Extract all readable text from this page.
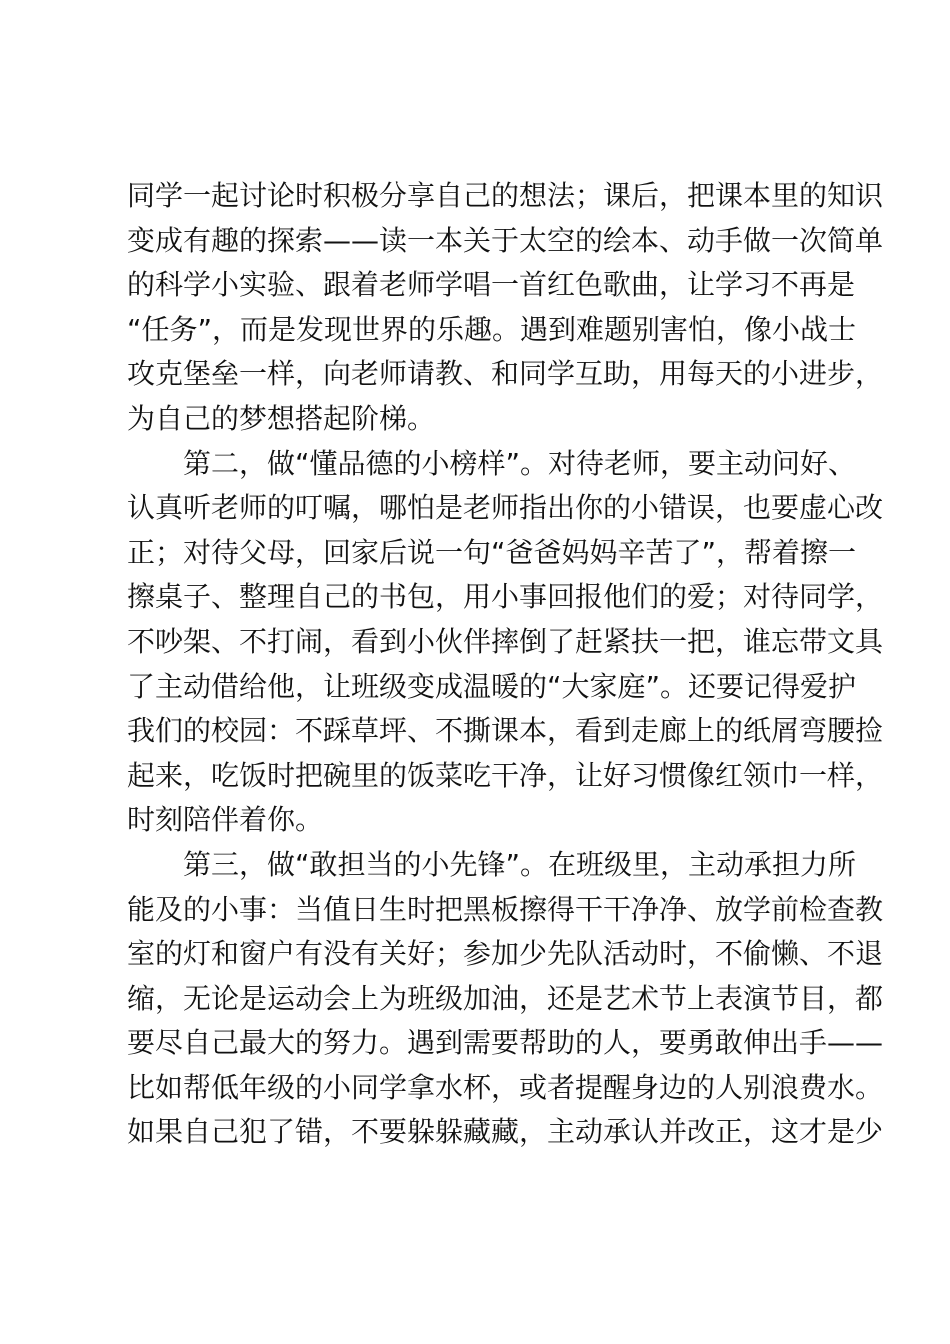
同学一起讨论时积极分享自己的想法；课后，把课本里的知识
变成有趣的探索——读一本关于太空的绘本、动手做一次简单
的科学小实验、跟着老师学唱一首红色歌曲，让学习不再是
“任务”，而是发现世界的乐趣。遇到难题别害怕，像小战士
攻克堡垒一样，向老师请教、和同学互助，用每天的小进步，
为自己的梦想搭起阶梯。
第二，做“懂品德的小榜样”。对待老师，要主动问好、
认真听老师的叮嘱，哪怕是老师指出你的小错误，也要虚心改
正；对待父母，回家后说一句“爸爸妈妈辛苦了”，帮着擦一
擦桌子、整理自己的书包，用小事回报他们的爱；对待同学，
不吵架、不打闹，看到小伙伴摔倒了赶紧扶一把，谁忘带文具
了主动借给他，让班级变成温暖的“大家庭”。还要记得爱护
我们的校园：不踩草坪、不撕课本，看到走廊上的纸屑弯腰捡
起来，吃饭时把碗里的饭菜吃干净，让好习惯像红领巾一样，
时刻陪伴着你。
第三，做“敢担当的小先锋”。在班级里，主动承担力所
能及的小事：当值日生时把黑板擦得干干净净、放学前检查教
室的灯和窗户有没有关好；参加少先队活动时，不偷懒、不退
缩，无论是运动会上为班级加油，还是艺术节上表演节目，都
要尽自己最大的努力。遇到需要帮助的人，要勇敢伸出手——
比如帮低年级的小同学拿水杯，或者提醒身边的人别浪费水。
如果自己犯了错，不要躲躲藏藏，主动承认并改正，这才是少
